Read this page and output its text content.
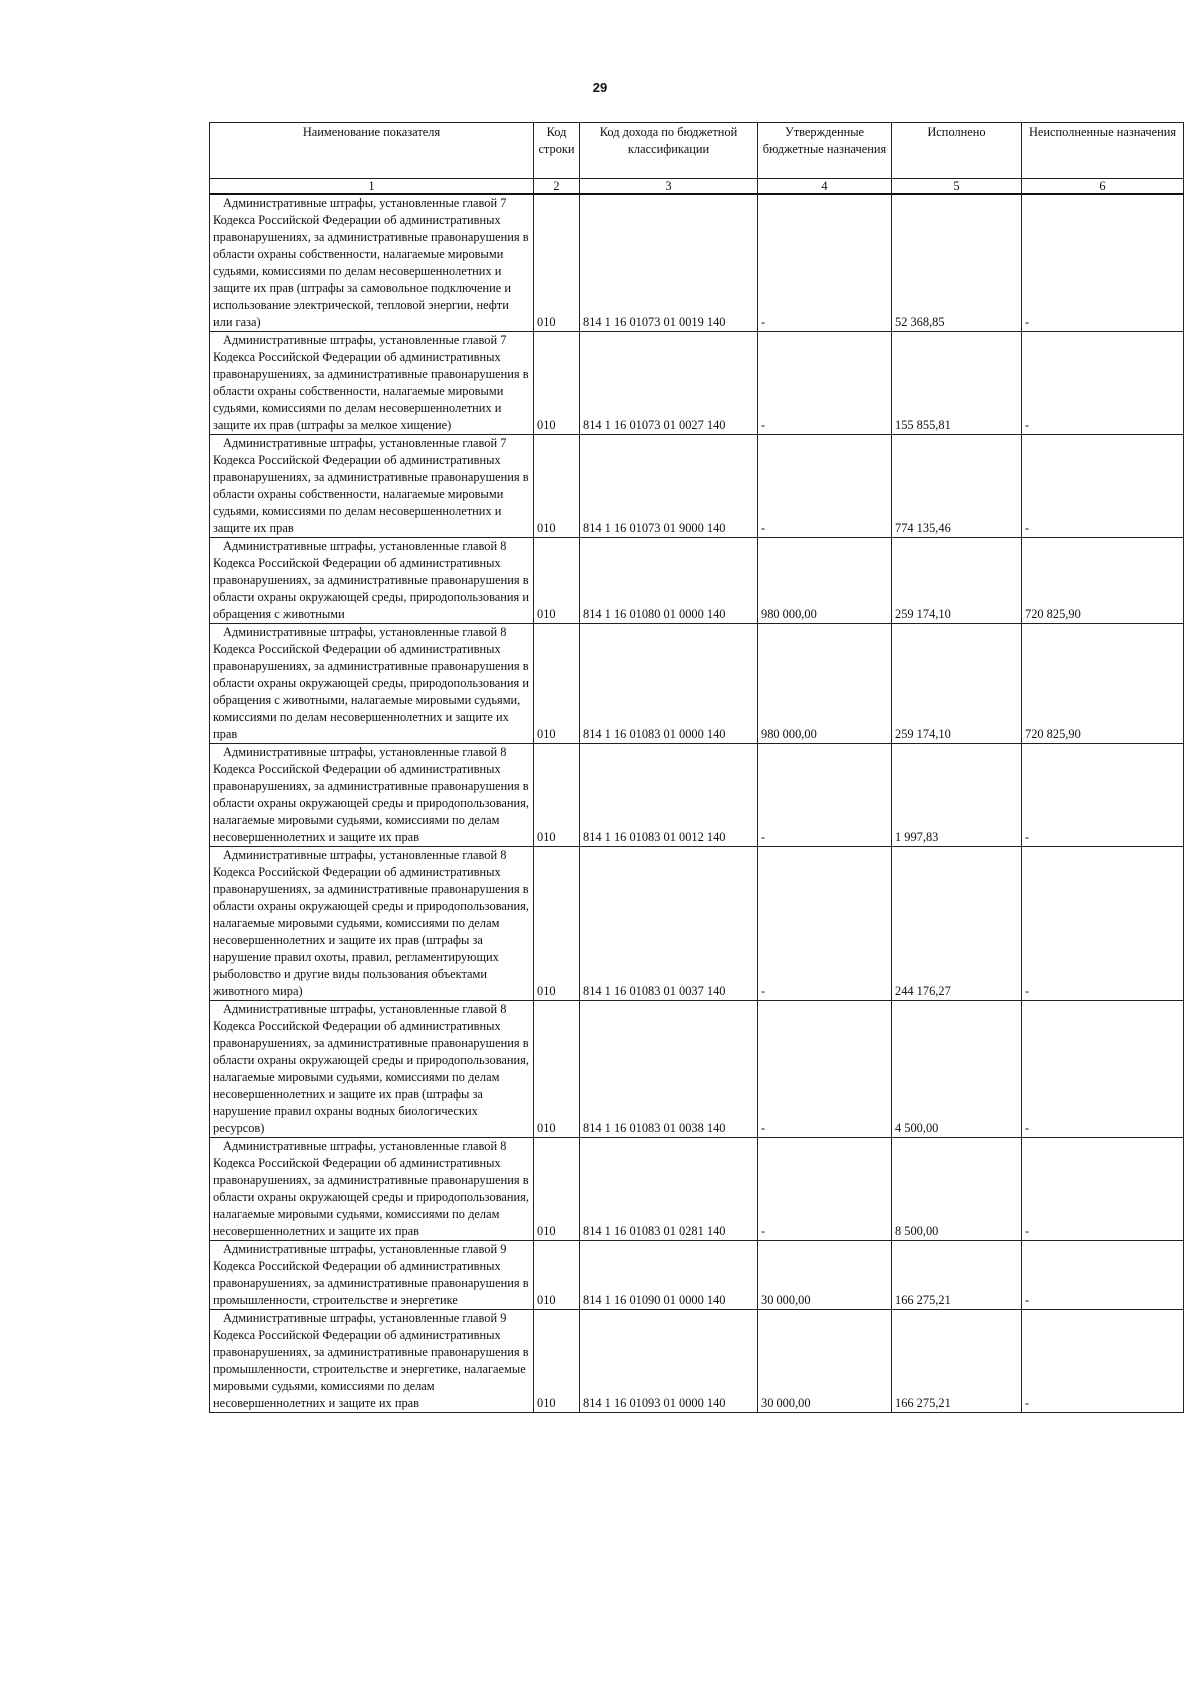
29
Наименование показателя	Код строки	Код дохода по бюджетной классификации	Утвержденные бюджетные назначения	Исполнено	Неисполненные назначения
1	2	3	4	5	6
Административные штрафы, установленные главой 7 Кодекса Российской Федерации об административных правонарушениях, за административные правонарушения в области охраны собственности, налагаемые мировыми судьями, комиссиями по делам несовершеннолетних и защите их прав (штрафы за самовольное подключение и использование электрической, тепловой энергии, нефти или газа)	010	814 1 16 01073 01 0019 140	-	52 368,85	-
Административные штрафы, установленные главой 7 Кодекса Российской Федерации об административных правонарушениях, за административные правонарушения в области охраны собственности, налагаемые мировыми судьями, комиссиями по делам несовершеннолетних и защите их прав (штрафы за мелкое хищение)	010	814 1 16 01073 01 0027 140	-	155 855,81	-
Административные штрафы, установленные главой 7 Кодекса Российской Федерации об административных правонарушениях, за административные правонарушения в области охраны собственности, налагаемые мировыми судьями, комиссиями по делам несовершеннолетних и защите их прав	010	814 1 16 01073 01 9000 140	-	774 135,46	-
Административные штрафы, установленные главой 8 Кодекса Российской Федерации об административных правонарушениях, за административные правонарушения в области охраны окружающей среды, природопользования и обращения с животными	010	814 1 16 01080 01 0000 140	980 000,00	259 174,10	720 825,90
Административные штрафы, установленные главой 8 Кодекса Российской Федерации об административных правонарушениях, за административные правонарушения в области охраны окружающей среды, природопользования и обращения с животными, налагаемые мировыми судьями, комиссиями по делам несовершеннолетних и защите их прав	010	814 1 16 01083 01 0000 140	980 000,00	259 174,10	720 825,90
Административные штрафы, установленные главой 8 Кодекса Российской Федерации об административных правонарушениях, за административные правонарушения в области охраны окружающей среды и природопользования, налагаемые мировыми судьями, комиссиями по делам несовершеннолетних и защите их прав	010	814 1 16 01083 01 0012 140	-	1 997,83	-
Административные штрафы, установленные главой 8 Кодекса Российской Федерации об административных правонарушениях, за административные правонарушения в области охраны окружающей среды и природопользования, налагаемые мировыми судьями, комиссиями по делам несовершеннолетних и защите их прав (штрафы за нарушение правил охоты, правил, регламентирующих рыболовство и другие виды пользования объектами животного мира)	010	814 1 16 01083 01 0037 140	-	244 176,27	-
Административные штрафы, установленные главой 8 Кодекса Российской Федерации об административных правонарушениях, за административные правонарушения в области охраны окружающей среды и природопользования, налагаемые мировыми судьями, комиссиями по делам несовершеннолетних и защите их прав (штрафы за нарушение правил охраны водных биологических ресурсов)	010	814 1 16 01083 01 0038 140	-	4 500,00	-
Административные штрафы, установленные главой 8 Кодекса Российской Федерации об административных правонарушениях, за административные правонарушения в области охраны окружающей среды и природопользования, налагаемые мировыми судьями, комиссиями по делам несовершеннолетних и защите их прав	010	814 1 16 01083 01 0281 140	-	8 500,00	-
Административные штрафы, установленные главой 9 Кодекса Российской Федерации об административных правонарушениях, за административные правонарушения в промышленности, строительстве и энергетике	010	814 1 16 01090 01 0000 140	30 000,00	166 275,21	-
Административные штрафы, установленные главой 9 Кодекса Российской Федерации об административных правонарушениях, за административные правонарушения в промышленности, строительстве и энергетике, налагаемые мировыми судьями, комиссиями по делам несовершеннолетних и защите их прав	010	814 1 16 01093 01 0000 140	30 000,00	166 275,21	-
